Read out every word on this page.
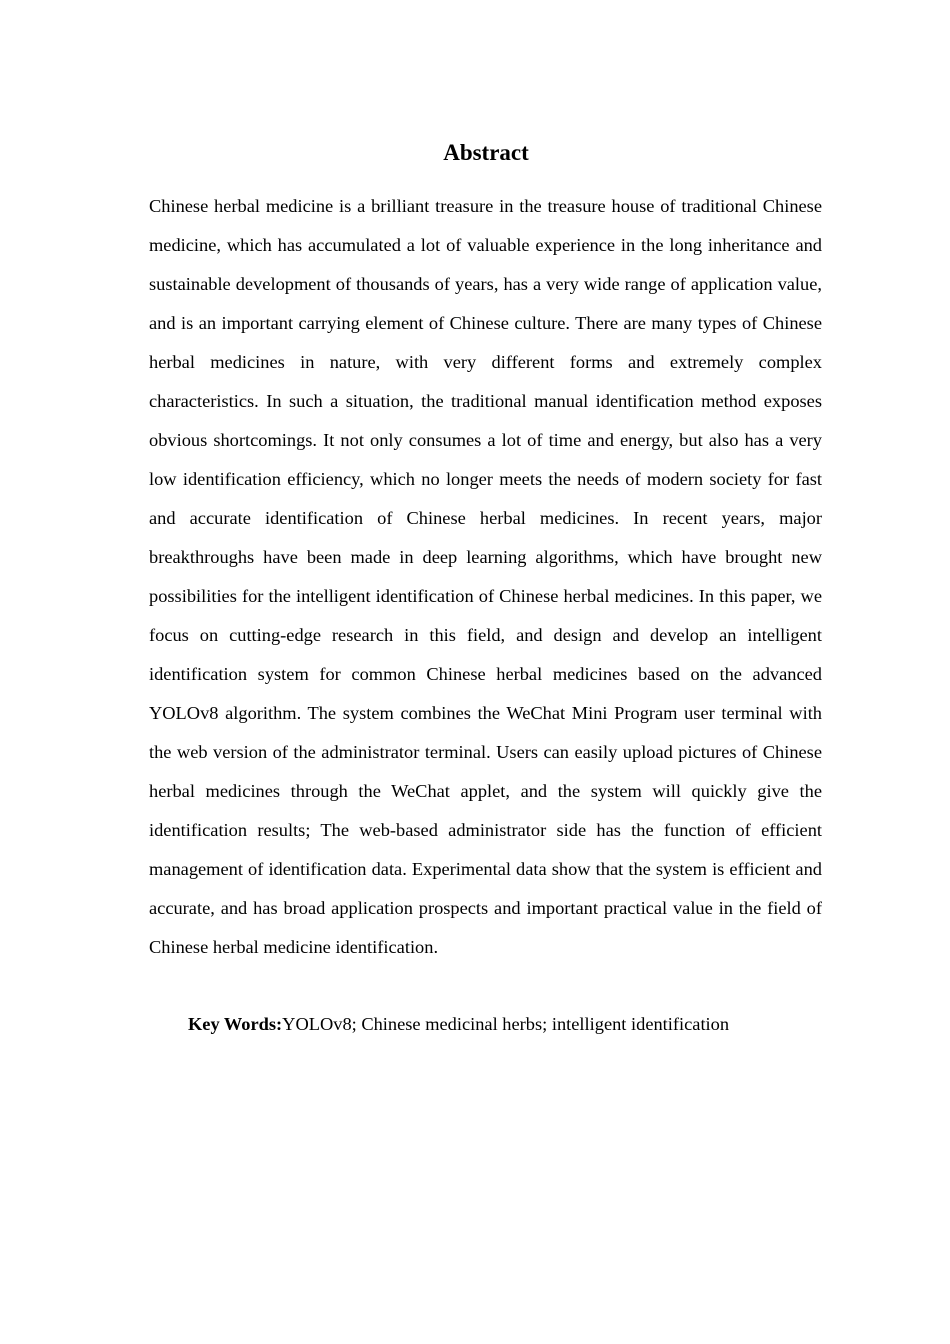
Abstract

Chinese herbal medicine is a brilliant treasure in the treasure house of traditional Chinese medicine, which has accumulated a lot of valuable experience in the long inheritance and sustainable development of thousands of years, has a very wide range of application value, and is an important carrying element of Chinese culture. There are many types of Chinese herbal medicines in nature, with very different forms and extremely complex characteristics. In such a situation, the traditional manual identification method exposes obvious shortcomings. It not only consumes a lot of time and energy, but also has a very low identification efficiency, which no longer meets the needs of modern society for fast and accurate identification of Chinese herbal medicines. In recent years, major breakthroughs have been made in deep learning algorithms, which have brought new possibilities for the intelligent identification of Chinese herbal medicines. In this paper, we focus on cutting-edge research in this field, and design and develop an intelligent identification system for common Chinese herbal medicines based on the advanced YOLOv8 algorithm. The system combines the WeChat Mini Program user terminal with the web version of the administrator terminal. Users can easily upload pictures of Chinese herbal medicines through the WeChat applet, and the system will quickly give the identification results; The web-based administrator side has the function of efficient management of identification data. Experimental data show that the system is efficient and accurate, and has broad application prospects and important practical value in the field of Chinese herbal medicine identification.

Key Words:YOLOv8; Chinese medicinal herbs; intelligent identification
